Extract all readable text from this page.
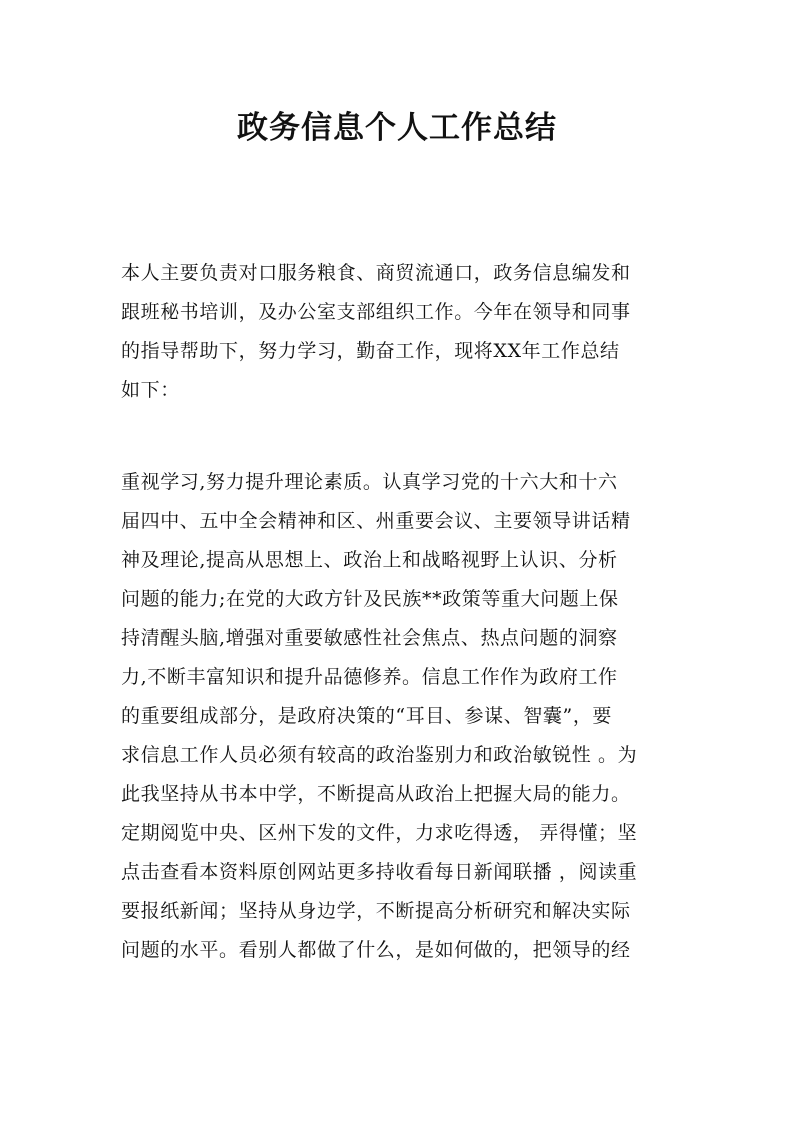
政务信息个人工作总结
本人主要负责对口服务粮食、商贸流通口，政务信息编发和
跟班秘书培训，及办公室支部组织工作。今年在领导和同事
的指导帮助下，努力学习，勤奋工作，现将XX年工作总结
如下：
重视学习,努力提升理论素质。认真学习党的十六大和十六
届四中、五中全会精神和区、州重要会议、主要领导讲话精
神及理论,提高从思想上、政治上和战略视野上认识、分析
问题的能力;在党的大政方针及民族**政策等重大问题上保
持清醒头脑,增强对重要敏感性社会焦点、热点问题的洞察
力,不断丰富知识和提升品德修养。信息工作作为政府工作
的重要组成部分，是政府决策的“耳目、参谋、智囊”，要
求信息工作人员必须有较高的政治鉴别力和政治敏锐性 。为
此我坚持从书本中学，不断提高从政治上把握大局的能力。
定期阅览中央、区州下发的文件，力求吃得透， 弄得懂；坚
点击查看本资料原创网站更多持收看每日新闻联播 ，阅读重
要报纸新闻；坚持从身边学，不断提高分析研究和解决实际
问题的水平。看别人都做了什么，是如何做的，把领导的经
